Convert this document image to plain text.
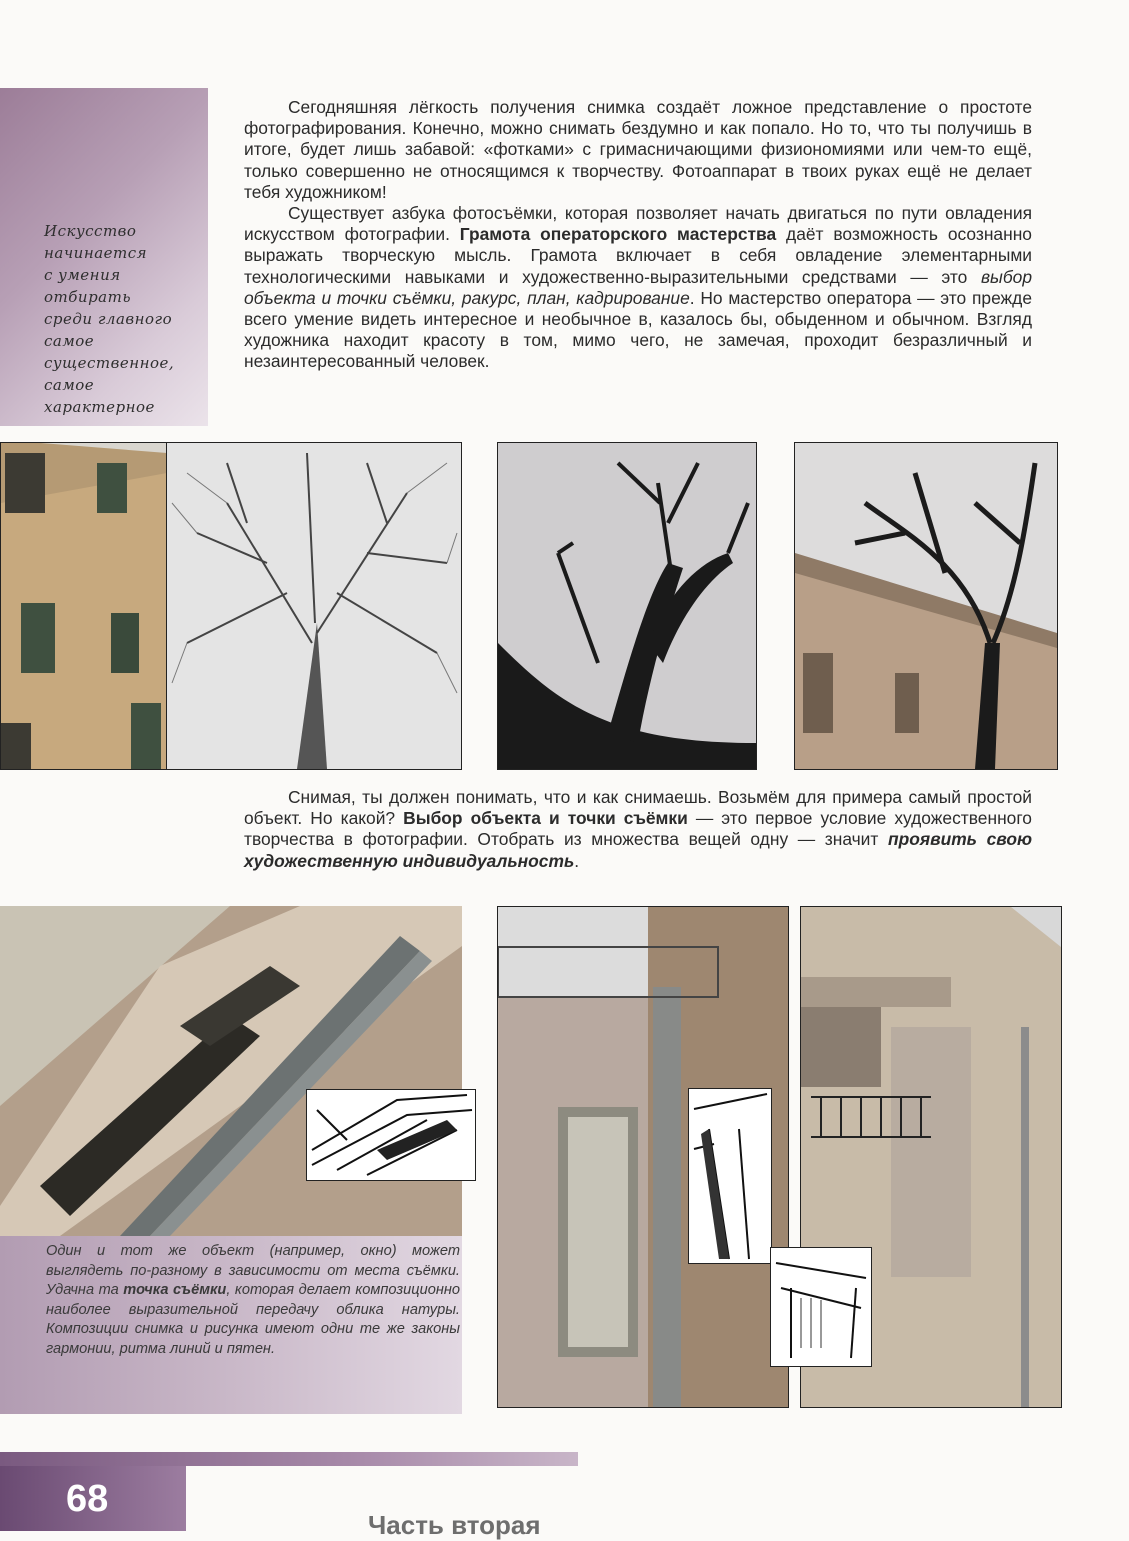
Искусство
начинается
с умения
отбирать
среди главного
самое
существенное,
самое
характерное

Сегодняшняя лёгкость получения снимка создаёт ложное представление о простоте фотографирования. Конечно, можно снимать бездумно и как попало. Но то, что ты получишь в итоге, будет лишь забавой: «фотками» с гримасничающими физиономиями или чем-то ещё, только совершенно не относящимся к творчеству. Фотоаппарат в твоих руках ещё не делает тебя художником!

Существует азбука фотосъёмки, которая позволяет начать двигаться по пути овладения искусством фотографии. Грамота операторского мастерства даёт возможность осознанно выражать творческую мысль. Грамота включает в себя овладение элементарными технологическими навыками и художественно-выразительными средствами — это выбор объекта и точки съёмки, ракурс, план, кадрирование. Но мастерство оператора — это прежде всего умение видеть интересное и необычное в, казалось бы, обыденном и обычном. Взгляд художника находит красоту в том, мимо чего, не замечая, проходит безразличный и незаинтересованный человек.

Снимая, ты должен понимать, что и как снимаешь. Возьмём для примера самый простой объект. Но какой? Выбор объекта и точки съёмки — это первое условие художественного творчества в фотографии. Отобрать из множества вещей одну — значит проявить свою художественную индивидуальность.

Один и тот же объект (например, окно) может выглядеть по-разному в зависимости от места съёмки. Удачна та точка съёмки, которая делает композиционно наиболее выразительной передачу облика натуры. Композиции снимка и рисунка имеют одни те же законы гармонии, ритма линий и пятен.
68
Часть вторая
